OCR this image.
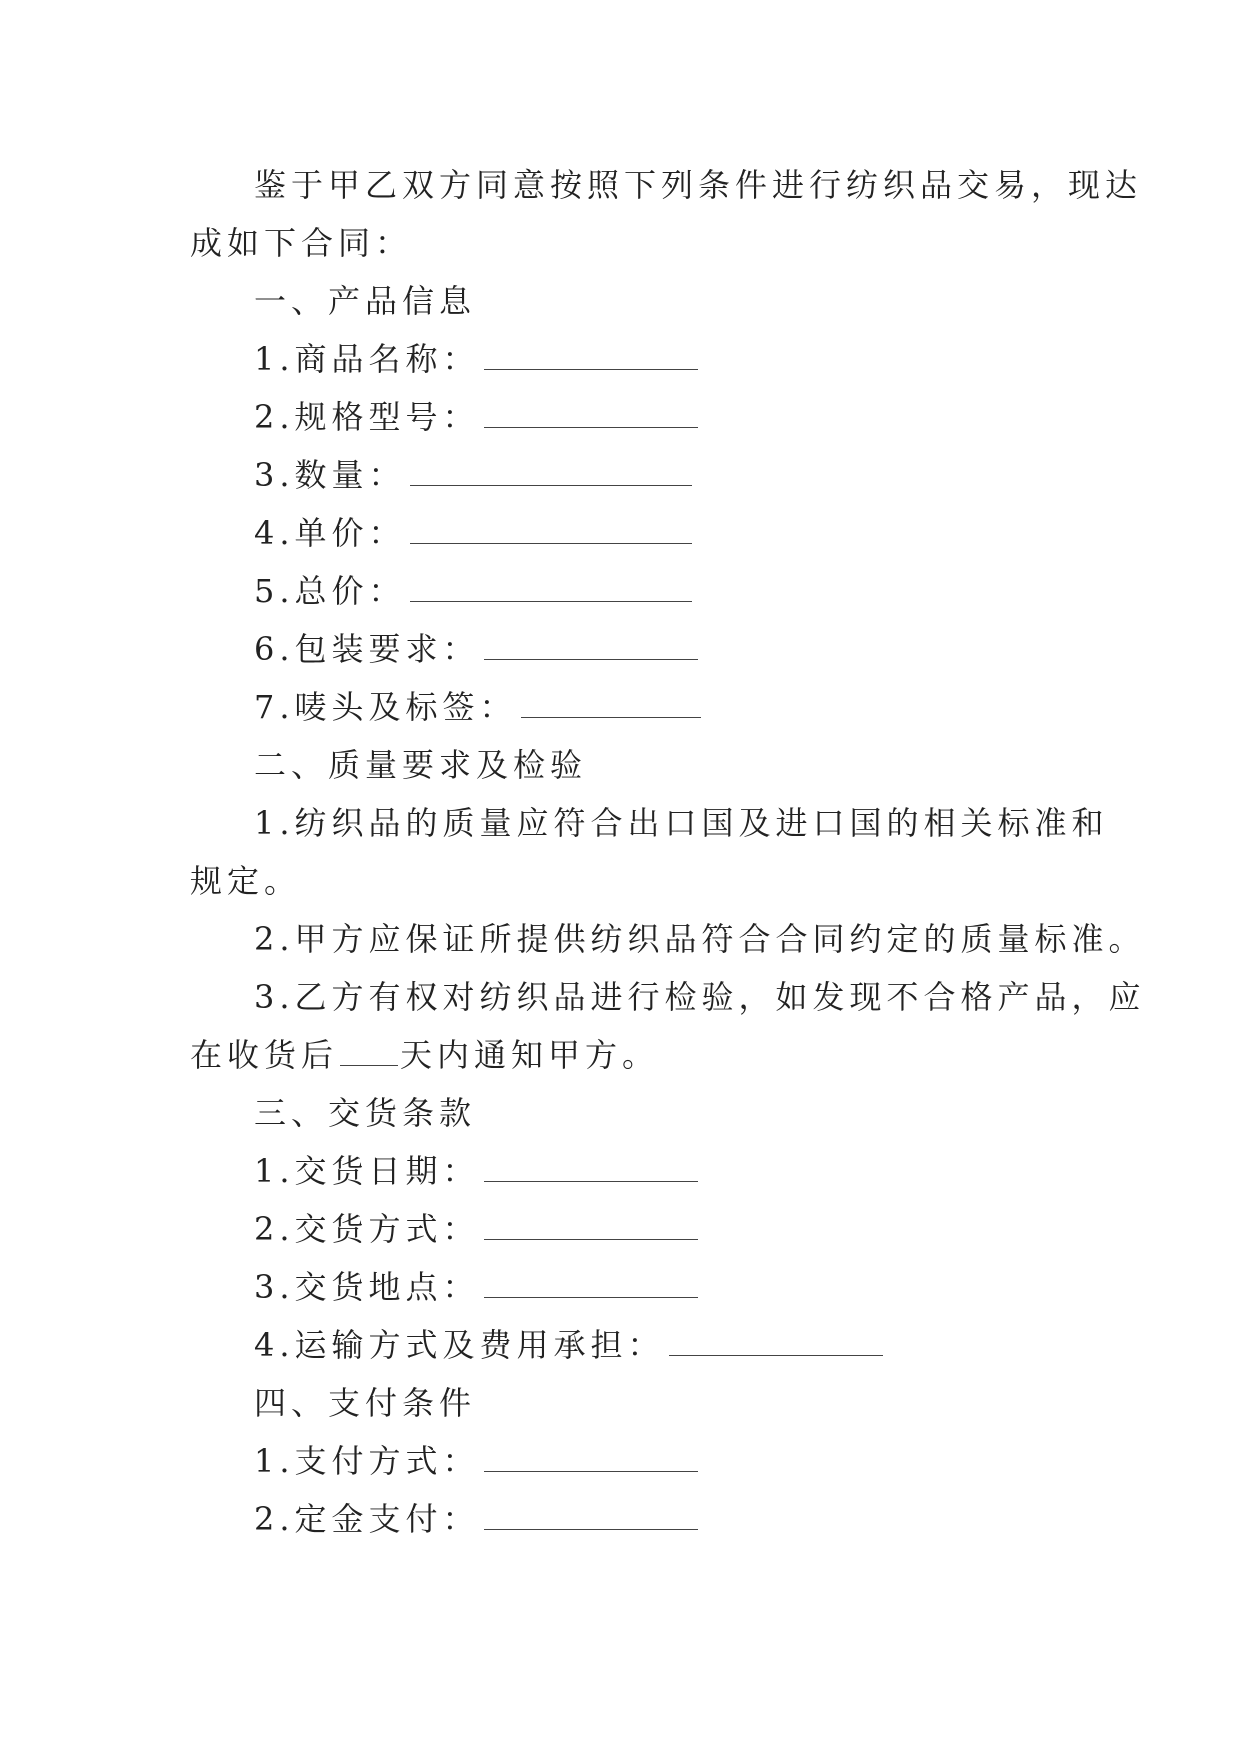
鉴于甲乙双方同意按照下列条件进行纺织品交易，现达
成如下合同：
一、产品信息
1.商品名称：
2.规格型号：
3.数量：
4.单价：
5.总价：
6.包装要求：
7.唛头及标签：
二、质量要求及检验
1.纺织品的质量应符合出口国及进口国的相关标准和
规定。
2.甲方应保证所提供纺织品符合合同约定的质量标准。
3.乙方有权对纺织品进行检验，如发现不合格产品，应
在收货后 天内通知甲方。
三、交货条款
1.交货日期：
2.交货方式：
3.交货地点：
4.运输方式及费用承担：
四、支付条件
1.支付方式：
2.定金支付：
